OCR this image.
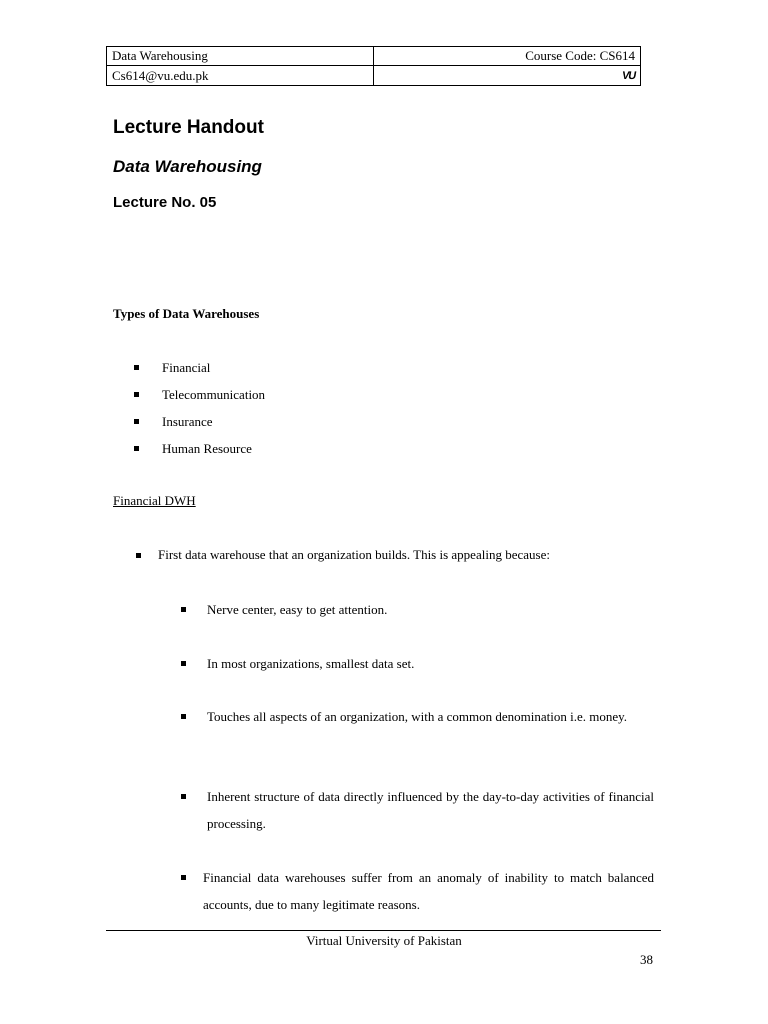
Data Warehousing	Course Code: CS614
Cs614@vu.edu.pk	VU
Lecture Handout
Data Warehousing
Lecture No. 05

Types of Data Warehouses

Financial
Telecommunication
Insurance
Human Resource

Financial DWH

First data warehouse that an organization builds. This is appealing because:
Nerve center, easy to get attention.
In most organizations, smallest data set.
Touches all aspects of an organization, with a common denomination i.e. money.
Inherent structure of data directly influenced by the day-to-day activities of financial processing.
Financial data warehouses suffer from an anomaly of inability to match balanced accounts, due to many legitimate reasons.
Virtual University of Pakistan
38
